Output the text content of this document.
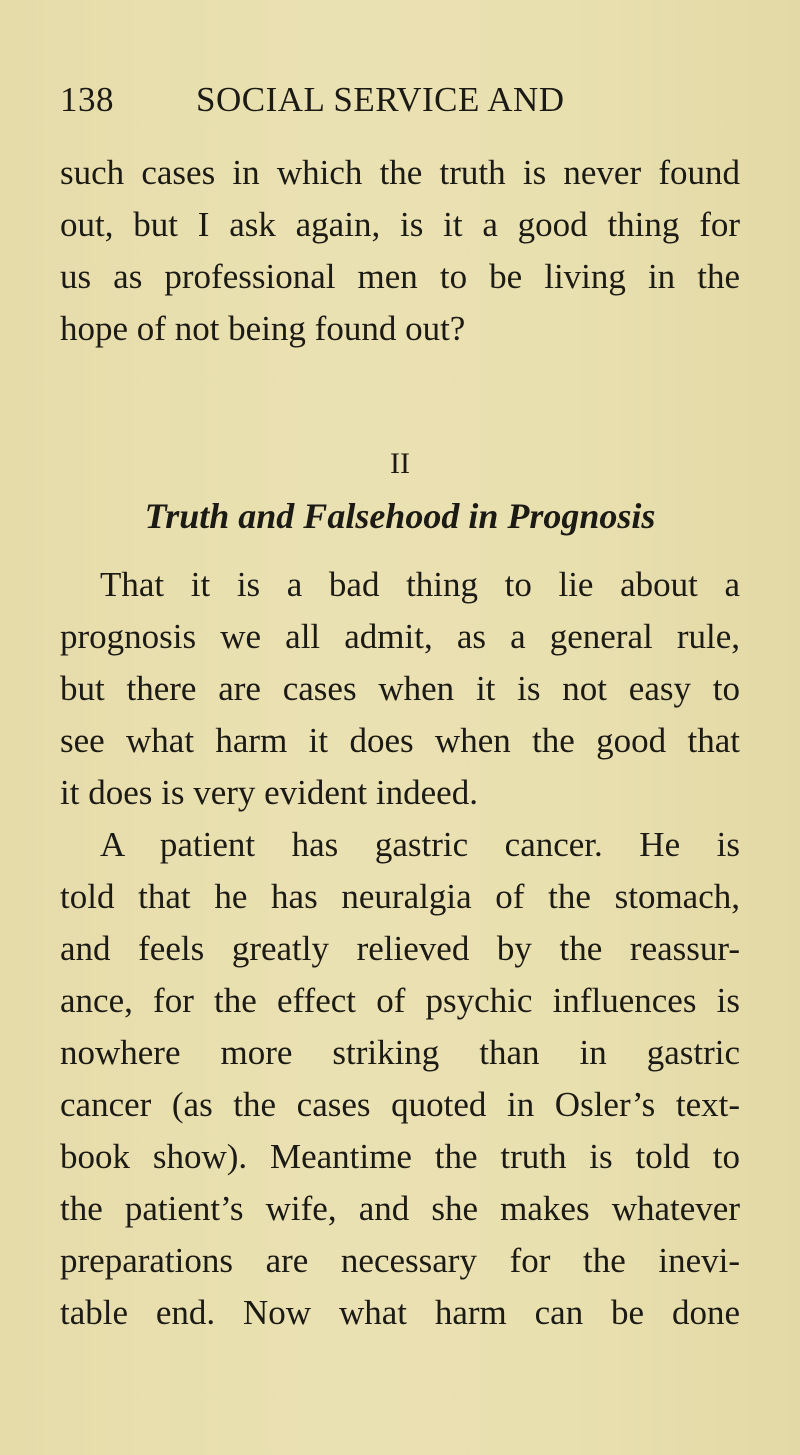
138 SOCIAL SERVICE AND
such cases in which the truth is never found
out, but I ask again, is it a good thing for
us as professional men to be living in the
hope of not being found out?
II
Truth and Falsehood in Prognosis
That it is a bad thing to lie about a
prognosis we all admit, as a general rule,
but there are cases when it is not easy to
see what harm it does when the good that
it does is very evident indeed.
A patient has gastric cancer. He is
told that he has neuralgia of the stomach,
and feels greatly relieved by the reassur-
ance, for the effect of psychic influences is
nowhere more striking than in gastric
cancer (as the cases quoted in Osler’s text-
book show). Meantime the truth is told to
the patient’s wife, and she makes whatever
preparations are necessary for the inevi-
table end. Now what harm can be done
